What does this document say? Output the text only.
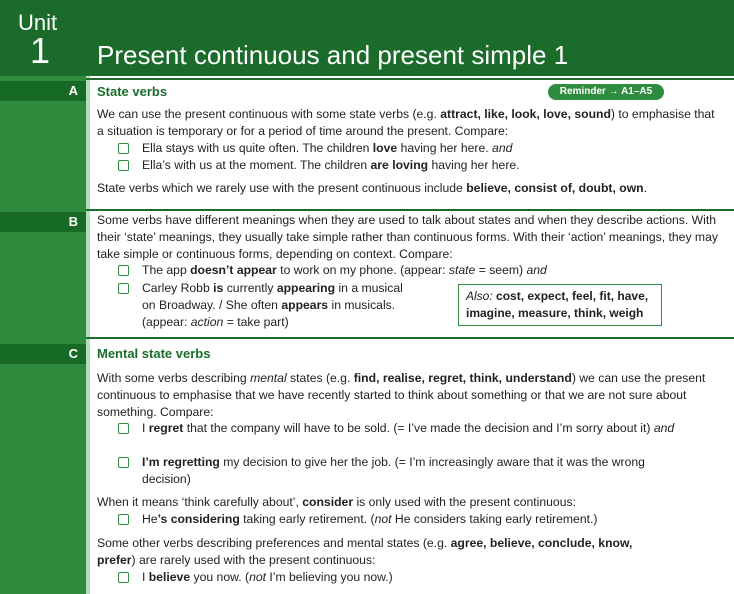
Unit
1 Present continuous and present simple 1
A	State verbs	Reminder → A1–A5
We can use the present continuous with some state verbs (e.g. attract, like, look, love, sound) to emphasise that a situation is temporary or for a period of time around the present. Compare:
Ella stays with us quite often. The children love having her here. and
Ella’s with us at the moment. The children are loving having her here.
State verbs which we rarely use with the present continuous include believe, consist of, doubt, own.
B	Some verbs have different meanings when they are used to talk about states and when they describe actions. With their ‘state’ meanings, they usually take simple rather than continuous forms. With their ‘action’ meanings, they may take simple or continuous forms, depending on context. Compare:
The app doesn’t appear to work on my phone. (appear: state = seem) and
Carley Robb is currently appearing in a musical
on Broadway. / She often appears in musicals.
(appear: action = take part)
Also: cost, expect, feel, fit, have,
imagine, measure, think, weigh
C	Mental state verbs
With some verbs describing mental states (e.g. find, realise, regret, think, understand) we can use the present continuous to emphasise that we have recently started to think about something or that we are not sure about something. Compare:
I regret that the company will have to be sold. (= I’ve made the decision and I’m sorry about it) and
I’m regretting my decision to give her the job. (= I’m increasingly aware that it was the wrong decision)
When it means ‘think carefully about’, consider is only used with the present continuous:
He’s considering taking early retirement. (not He considers taking early retirement.)
Some other verbs describing preferences and mental states (e.g. agree, believe, conclude, know,
prefer) are rarely used with the present continuous:
I believe you now. (not I’m believing you now.)
